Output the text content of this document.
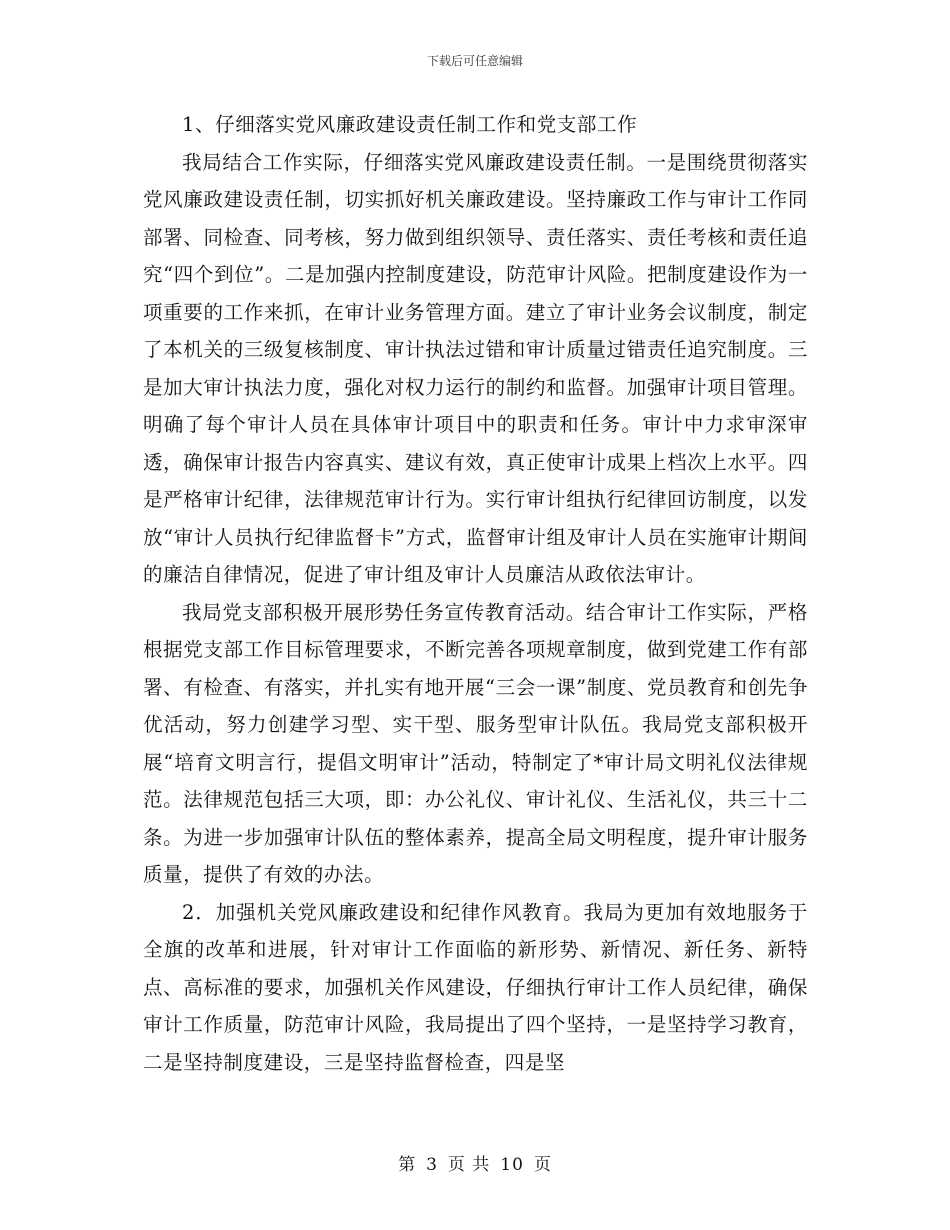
下载后可任意编辑

1、仔细落实党风廉政建设责任制工作和党支部工作

我局结合工作实际，仔细落实党风廉政建设责任制。一是围绕贯彻落实党风廉政建设责任制，切实抓好机关廉政建设。坚持廉政工作与审计工作同部署、同检查、同考核，努力做到组织领导、责任落实、责任考核和责任追究“四个到位”。二是加强内控制度建设，防范审计风险。把制度建设作为一项重要的工作来抓，在审计业务管理方面。建立了审计业务会议制度，制定了本机关的三级复核制度、审计执法过错和审计质量过错责任追究制度。三是加大审计执法力度，强化对权力运行的制约和监督。加强审计项目管理。明确了每个审计人员在具体审计项目中的职责和任务。审计中力求审深审透，确保审计报告内容真实、建议有效，真正使审计成果上档次上水平。四是严格审计纪律，法律规范审计行为。实行审计组执行纪律回访制度，以发放“审计人员执行纪律监督卡”方式，监督审计组及审计人员在实施审计期间的廉洁自律情况，促进了审计组及审计人员廉洁从政依法审计。

我局党支部积极开展形势任务宣传教育活动。结合审计工作实际，严格根据党支部工作目标管理要求，不断完善各项规章制度，做到党建工作有部署、有检查、有落实，并扎实有地开展“三会一课”制度、党员教育和创先争优活动，努力创建学习型、实干型、服务型审计队伍。我局党支部积极开展“培育文明言行，提倡文明审计”活动，特制定了*审计局文明礼仪法律规范。法律规范包括三大项，即：办公礼仪、审计礼仪、生活礼仪，共三十二条。为进一步加强审计队伍的整体素养，提高全局文明程度，提升审计服务质量，提供了有效的办法。

2．加强机关党风廉政建设和纪律作风教育。我局为更加有效地服务于全旗的改革和进展，针对审计工作面临的新形势、新情况、新任务、新特点、高标准的要求，加强机关作风建设，仔细执行审计工作人员纪律，确保审计工作质量，防范审计风险，我局提出了四个坚持，一是坚持学习教育，二是坚持制度建设，三是坚持监督检查，四是坚

第 3 页 共 10 页
